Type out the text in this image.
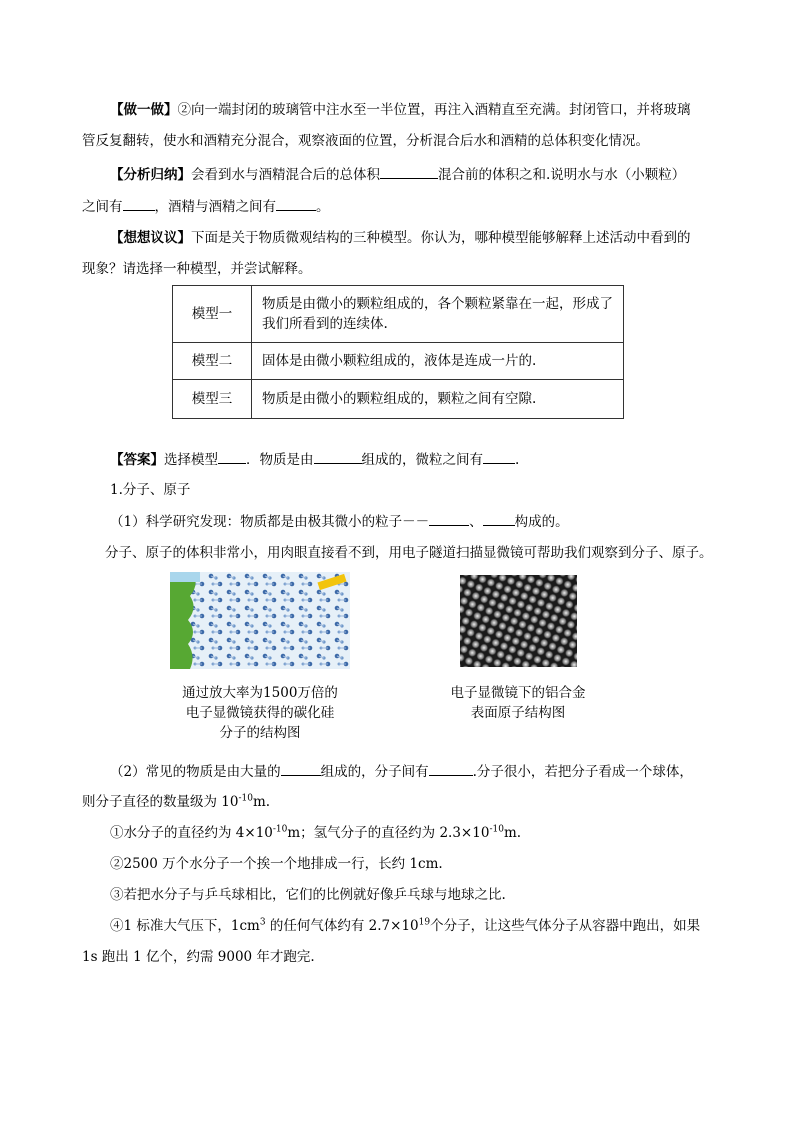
【做一做】②向一端封闭的玻璃管中注水至一半位置，再注入酒精直至充满。封闭管口，并将玻璃
管反复翻转，使水和酒精充分混合，观察液面的位置，分析混合后水和酒精的总体积变化情况。
【分析归纳】会看到水与酒精混合后的总体积	混合前的体积之和.说明水与水（小颗粒）
之间有 ，酒精与酒精之间有	。
【想想议议】下面是关于物质微观结构的三种模型。你认为，哪种模型能够解释上述活动中看到的
现象？请选择一种模型，并尝试解释。
模型一	物质是由微小的颗粒组成的，各个颗粒紧靠在一起，形成了我们所看到的连续体.
模型二	固体是由微小颗粒组成的，液体是连成一片的.
模型三	物质是由微小的颗粒组成的，颗粒之间有空隙.
【答案】选择模型 ．物质是由	组成的，微粒之间有 .
1.分子、原子
（1）科学研究发现：物质都是由极其微小的粒子－－	、 构成的。
分子、原子的体积非常小，用肉眼直接看不到，用电子隧道扫描显微镜可帮助我们观察到分子、原子。
通过放大率为1500万倍的
电子显微镜获得的碳化硅
分子的结构图
电子显微镜下的铝合金
表面原子结构图
（2）常见的物质是由大量的	组成的，分子间有	.分子很小，若把分子看成一个球体，
则分子直径的数量级为 $10^{-10}m$.
①水分子的直径约为 $4\times 10^{-10}m$；氢气分子的直径约为 $2.3\times 10^{-10}m$.
②2500 万个水分子一个挨一个地排成一行，长约 1cm.
③若把水分子与乒乓球相比，它们的比例就好像乒乓球与地球之比.
④1 标准大气压下，$1cm^3$ 的任何气体约有 $2.7\times 10^{19}$个分子，让这些气体分子从容器中跑出，如果
1s 跑出 1 亿个，约需 9000 年才跑完.
